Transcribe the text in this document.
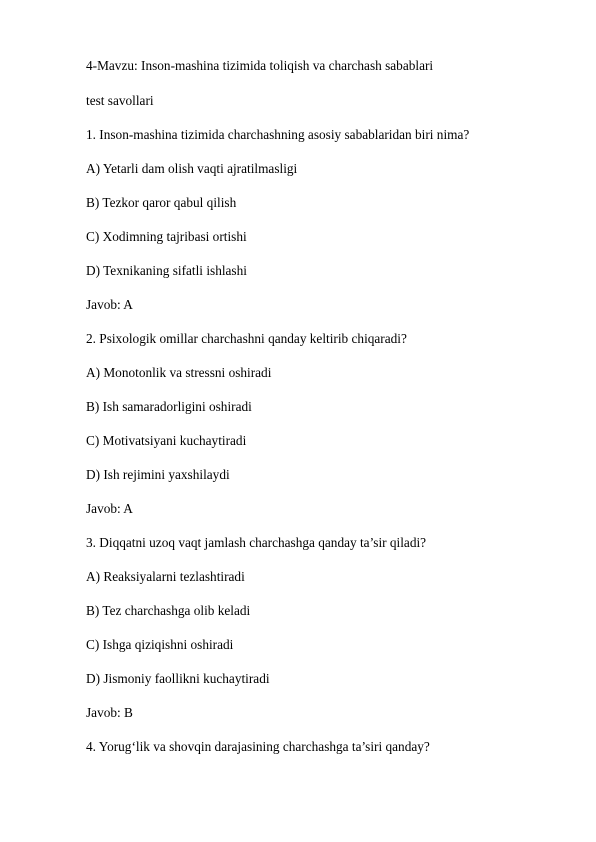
4-Mavzu: Inson-mashina tizimida toliqish va charchash sabablari
test savollari
1. Inson-mashina tizimida charchashning asosiy sabablaridan biri nima?
A) Yetarli dam olish vaqti ajratilmasligi
B) Tezkor qaror qabul qilish
C) Xodimning tajribasi ortishi
D) Texnikaning sifatli ishlashi
Javob: A
2. Psixologik omillar charchashni qanday keltirib chiqaradi?
A) Monotonlik va stressni oshiradi
B) Ish samaradorligini oshiradi
C) Motivatsiyani kuchaytiradi
D) Ish rejimini yaxshilaydi
Javob: A
3. Diqqatni uzoq vaqt jamlash charchashga qanday ta’sir qiladi?
A) Reaksiyalarni tezlashtiradi
B) Tez charchashga olib keladi
C) Ishga qiziqishni oshiradi
D) Jismoniy faollikni kuchaytiradi
Javob: B
4. Yorug‘lik va shovqin darajasining charchashga ta’siri qanday?
